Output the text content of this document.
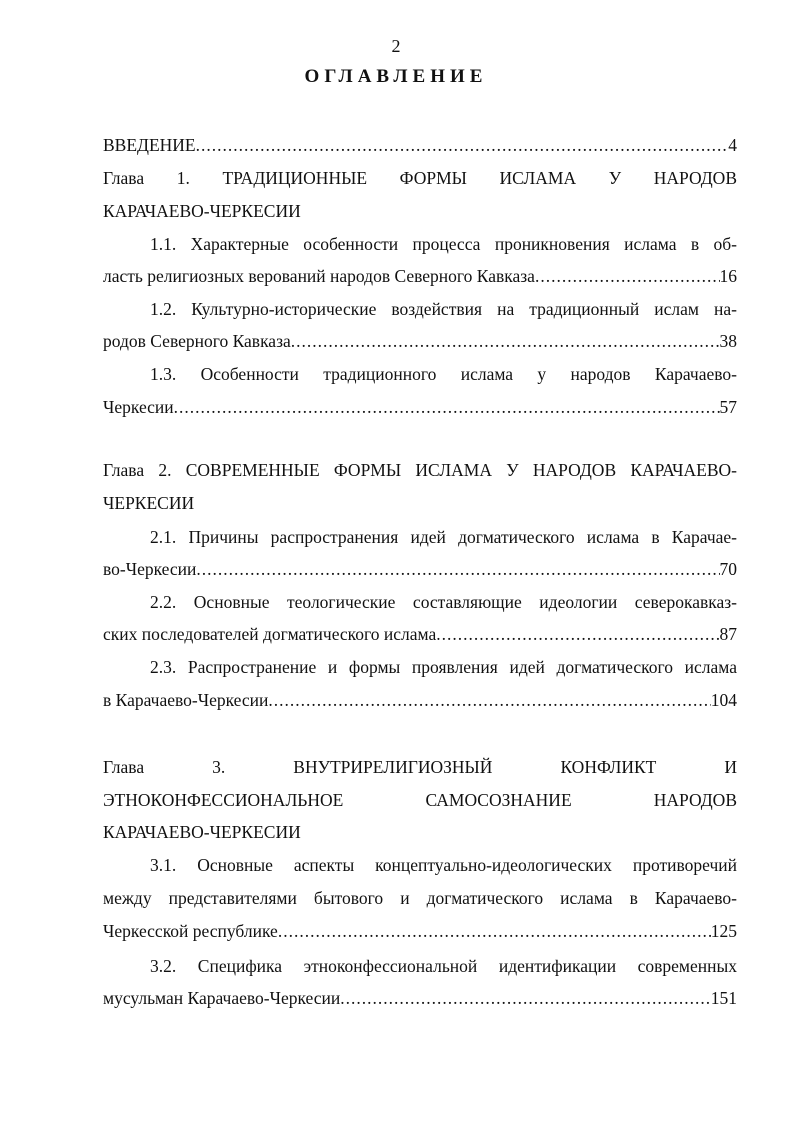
2
ОГЛАВЛЕНИЕ
ВВЕДЕНИЕ .....	4
Глава 1. ТРАДИЦИОННЫЕ ФОРМЫ ИСЛАМА У НАРОДОВ
КАРАЧАЕВО-ЧЕРКЕСИИ
1.1. Характерные особенности процесса проникновения ислама в об-
ласть религиозных верований народов Северного Кавказа .....	16
1.2. Культурно-исторические воздействия на традиционный ислам на-
родов Северного Кавказа .....	38
1.3. Особенности традиционного ислама у народов Карачаево-
Черкесии .....	57
Глава 2. СОВРЕМЕННЫЕ ФОРМЫ ИСЛАМА У НАРОДОВ КАРАЧАЕВО-
ЧЕРКЕСИИ
2.1. Причины распространения идей догматического ислама в Карачае-
во-Черкесии .....	70
2.2. Основные теологические составляющие идеологии северокавказ-
ских последователей догматического ислама .....	87
2.3. Распространение и формы проявления идей догматического ислама
в Карачаево-Черкесии .....	104
Глава 3. ВНУТРИРЕЛИГИОЗНЫЙ КОНФЛИКТ И
ЭТНОКОНФЕССИОНАЛЬНОЕ САМОСОЗНАНИЕ НАРОДОВ
КАРАЧАЕВО-ЧЕРКЕСИИ
3.1. Основные аспекты концептуально-идеологических противоречий
между представителями бытового и догматического ислама в Карачаево-
Черкесской республике .....	125
3.2. Специфика этноконфессиональной идентификации современных
мусульман Карачаево-Черкесии .....	151
